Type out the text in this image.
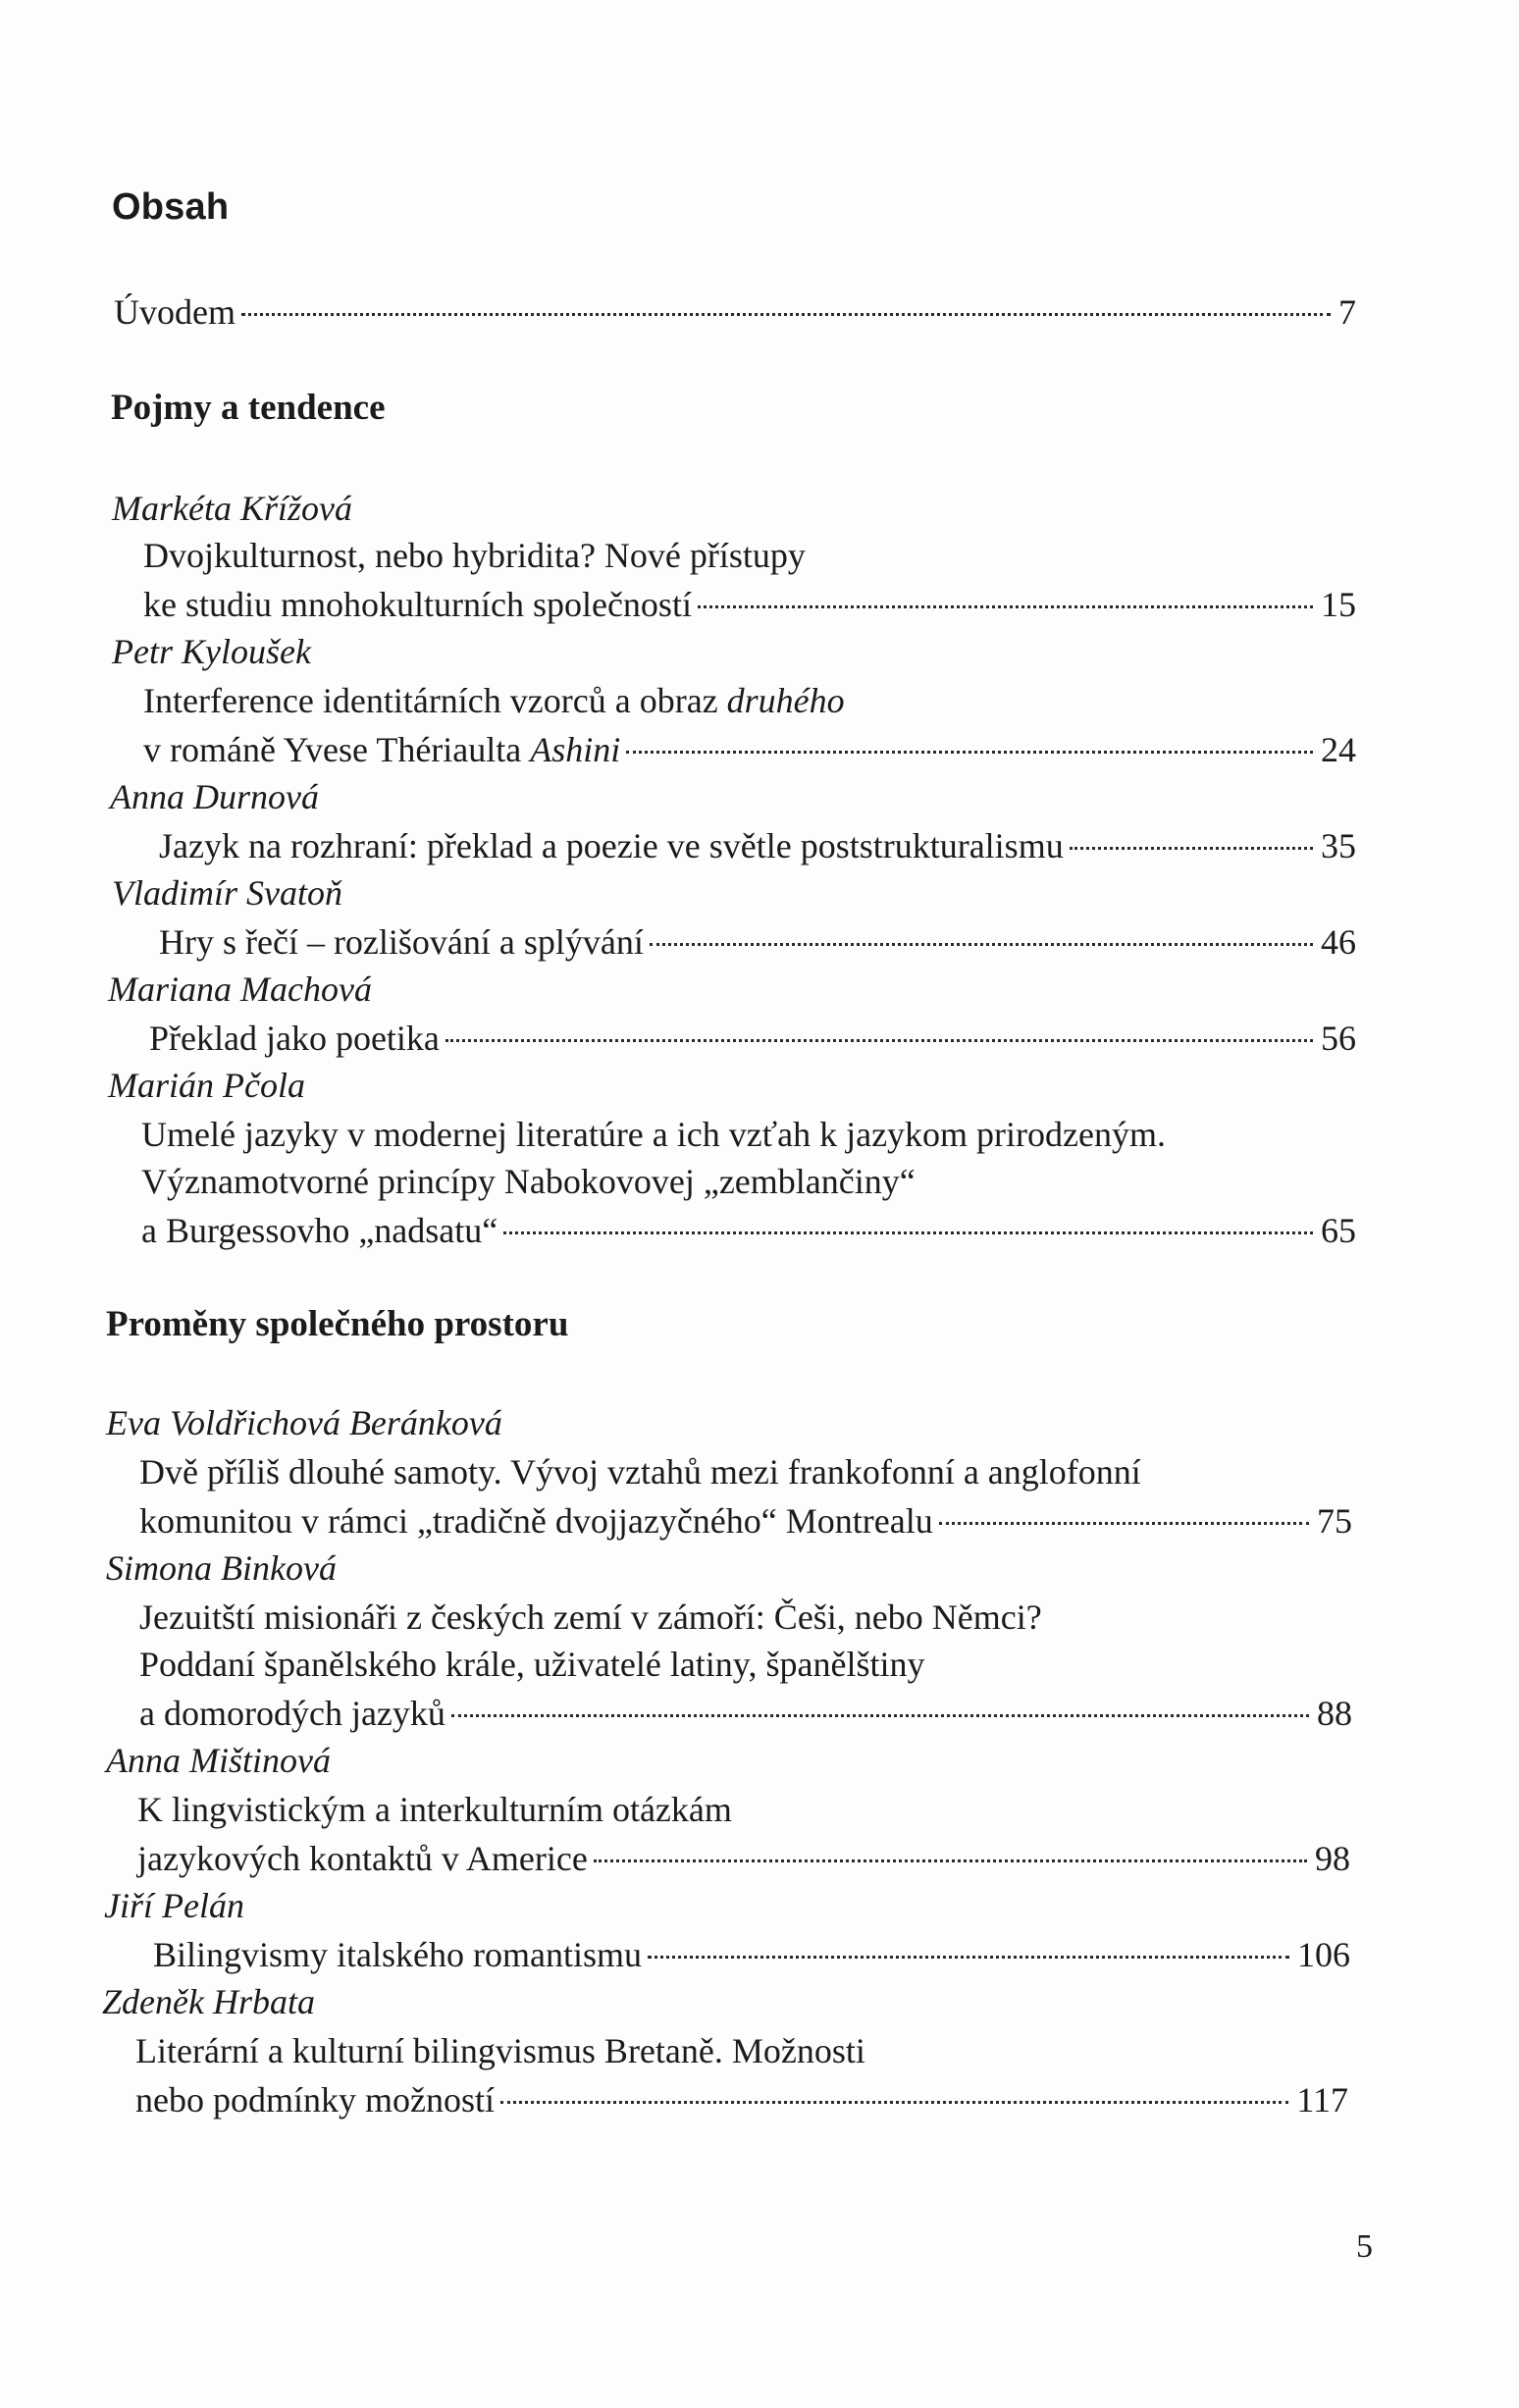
Obsah
Úvodem	7
Pojmy a tendence
Markéta Křížová
Dvojkulturnost, nebo hybridita? Nové přístupy
ke studiu mnohokulturních společností	15
Petr Kyloušek
Interference identitárních vzorců a obraz druhého
v románě Yvese Thériaulta Ashini	24
Anna Durnová
Jazyk na rozhraní: překlad a poezie ve světle poststrukturalismu	35
Vladimír Svatoň
Hry s řečí – rozlišování a splývání	46
Mariana Machová
Překlad jako poetika	56
Marián Pčola
Umelé jazyky v modernej literatúre a ich vzťah k jazykom prirodzeným.
Významotvorné princípy Nabokovovej „zemblančiny“
a Burgessovho „nadsatu“	65
Proměny společného prostoru
Eva Voldřichová Beránková
Dvě příliš dlouhé samoty. Vývoj vztahů mezi frankofonní a anglofonní
komunitou v rámci „tradičně dvojjazyčného“ Montrealu	75
Simona Binková
Jezuitští misionáři z českých zemí v zámoří: Češi, nebo Němci?
Poddaní španělského krále, uživatelé latiny, španělštiny
a domorodých jazyků	88
Anna Mištinová
K lingvistickým a interkulturním otázkám
jazykových kontaktů v Americe	98
Jiří Pelán
Bilingvismy italského romantismu	106
Zdeněk Hrbata
Literární a kulturní bilingvismus Bretaně. Možnosti
nebo podmínky možností	117
5
